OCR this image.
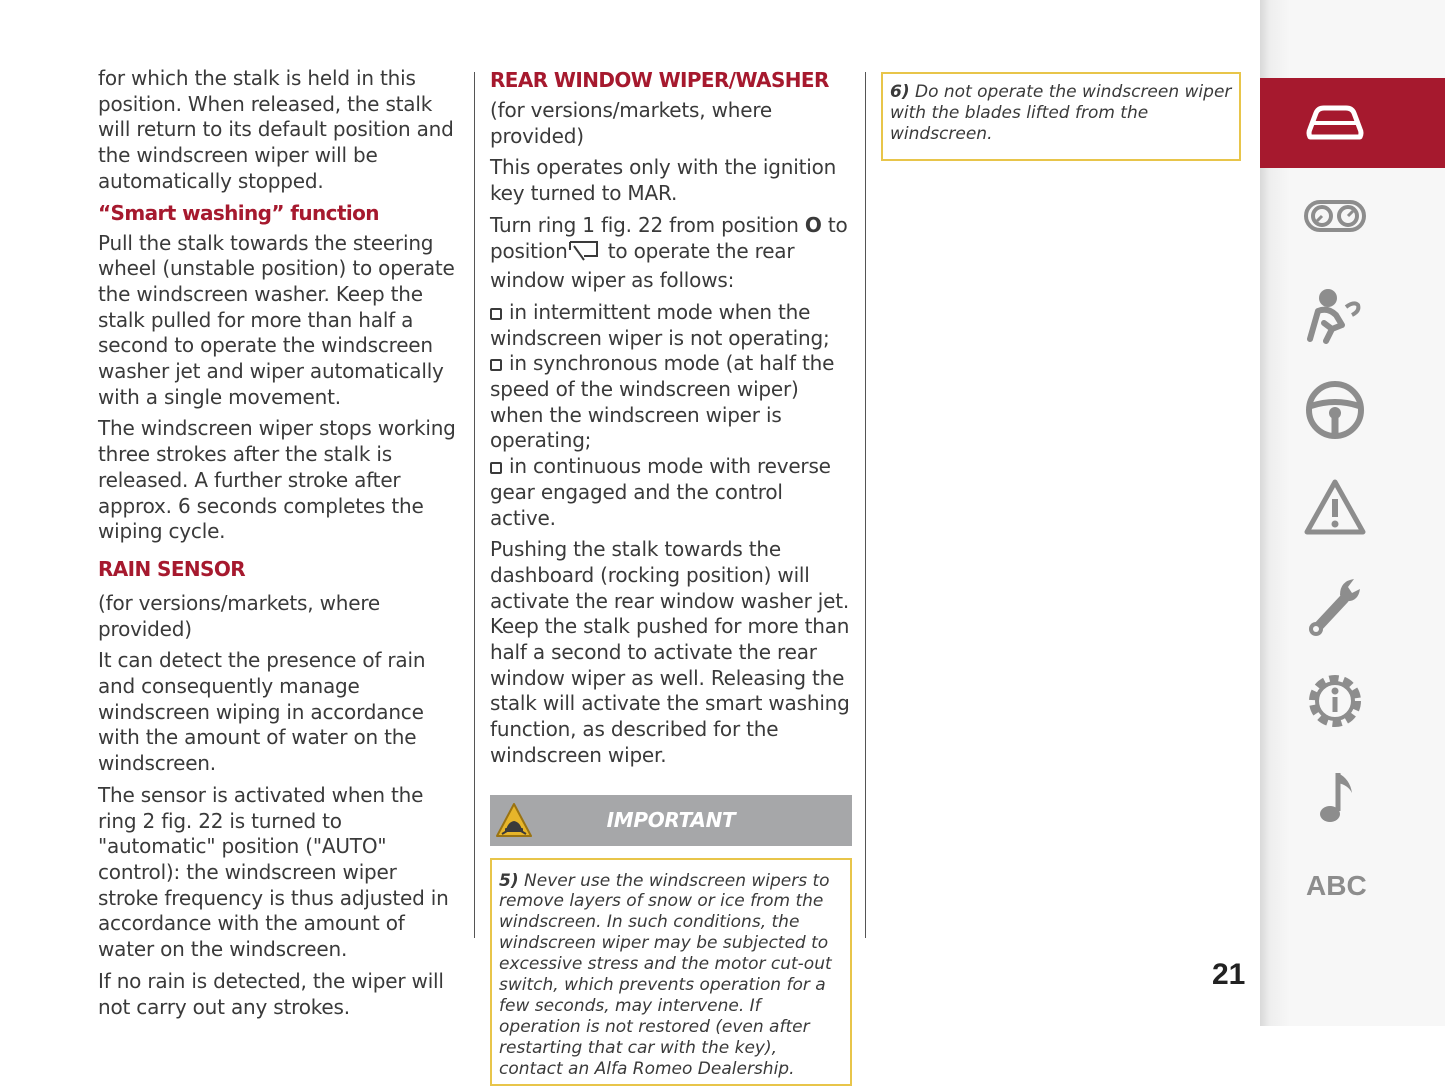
for which the stalk is held in this position. When released, the stalk will return to its default position and the windscreen wiper will be automatically stopped.

“Smart washing” function

Pull the stalk towards the steering wheel (unstable position) to operate the windscreen washer. Keep the stalk pulled for more than half a second to operate the windscreen washer jet and wiper automatically with a single movement.

The windscreen wiper stops working three strokes after the stalk is released. A further stroke after approx. 6 seconds completes the wiping cycle.

RAIN SENSOR

(for versions/markets, where provided)

It can detect the presence of rain and consequently manage windscreen wiping in accordance with the amount of water on the windscreen.

The sensor is activated when the ring 2 fig. 22 is turned to "automatic" position ("AUTO" control): the windscreen wiper stroke frequency is thus adjusted in accordance with the amount of water on the windscreen.

If no rain is detected, the wiper will not carry out any strokes.

REAR WINDOW WIPER/WASHER

(for versions/markets, where provided)

This operates only with the ignition key turned to MAR.

Turn ring 1 fig. 22 from position O to position to operate the rear window wiper as follows:

in intermittent mode when the windscreen wiper is not operating;

in synchronous mode (at half the speed of the windscreen wiper) when the windscreen wiper is operating;

in continuous mode with reverse gear engaged and the control active.

Pushing the stalk towards the dashboard (rocking position) will activate the rear window washer jet. Keep the stalk pushed for more than half a second to activate the rear window wiper as well. Releasing the stalk will activate the smart washing function, as described for the windscreen wiper.

IMPORTANT
5) Never use the windscreen wipers to remove layers of snow or ice from the windscreen. In such conditions, the windscreen wiper may be subjected to excessive stress and the motor cut-out switch, which prevents operation for a few seconds, may intervene. If operation is not restored (even after restarting that car with the key), contact an Alfa Romeo Dealership.
6) Do not operate the windscreen wiper with the blades lifted from the windscreen.
ABC
21
